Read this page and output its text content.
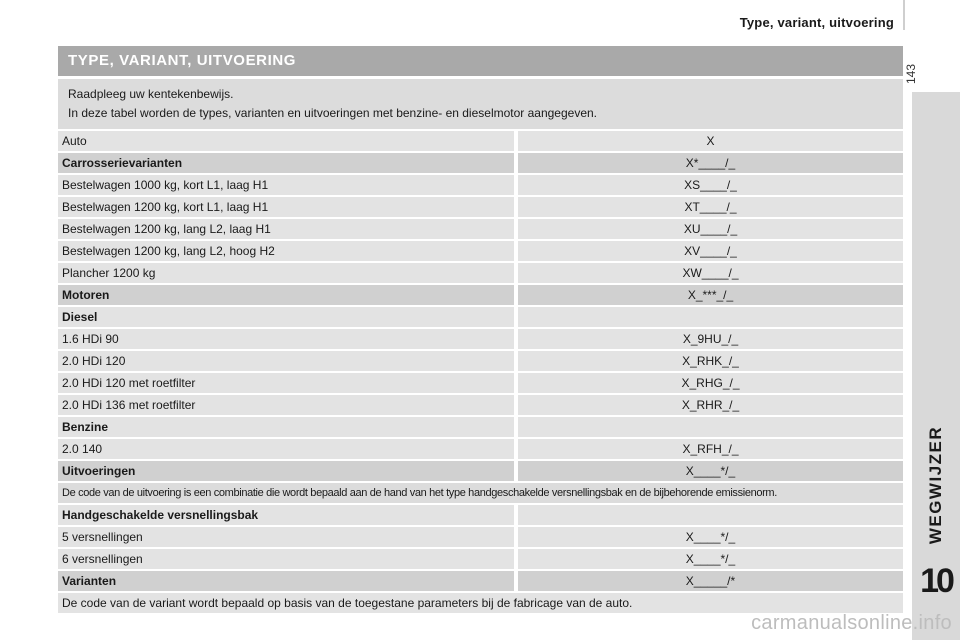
Type, variant, uitvoering
143
WEGWIJZER
10
TYPE, VARIANT, UITVOERING
Raadpleeg uw kentekenbewijs.
In deze tabel worden de types, varianten en uitvoeringen met benzine- en dieselmotor aangegeven.
Auto	X
Carrosserievarianten	X*____/_
Bestelwagen 1000 kg, kort L1, laag H1	XS____/_
Bestelwagen 1200 kg, kort L1, laag H1	XT____/_
Bestelwagen 1200 kg, lang L2, laag H1	XU____/_
Bestelwagen 1200 kg, lang L2, hoog H2	XV____/_
Plancher 1200 kg	XW____/_
Motoren	X_***_/_
Diesel
1.6 HDi 90	X_9HU_/_
2.0 HDi 120	X_RHK_/_
2.0 HDi 120 met roetfilter	X_RHG_/_
2.0 HDi 136 met roetfilter	X_RHR_/_
Benzine
2.0 140	X_RFH_/_
Uitvoeringen	X____*/_
De code van de uitvoering is een combinatie die wordt bepaald aan de hand van het type handgeschakelde versnellingsbak en de bijbehorende emissienorm.
Handgeschakelde versnellingsbak
5 versnellingen	X____*/_
6 versnellingen	X____*/_
Varianten	X_____/*
De code van de variant wordt bepaald op basis van de toegestane parameters bij de fabricage van de auto.
carmanualsonline.info
